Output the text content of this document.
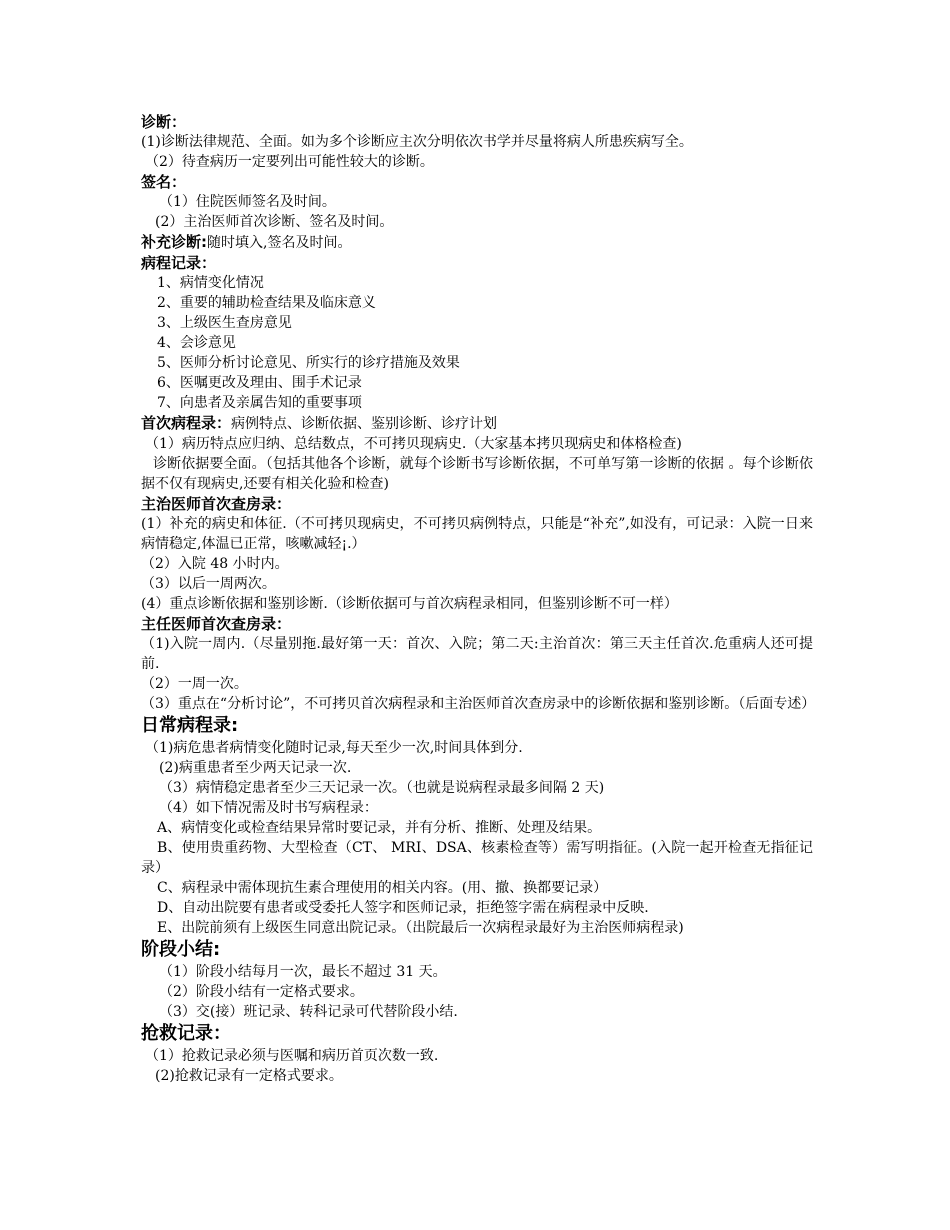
诊断：
(1)诊断法律规范、全面。如为多个诊断应主次分明依次书学并尽量将病人所患疾病写全。
（2）待查病历一定要列出可能性较大的诊断。
签名：
（1）住院医师签名及时间。
(2）主治医师首次诊断、签名及时间。
补充诊断:随时填入,签名及时间。
病程记录：
1、病情变化情况
2、重要的辅助检查结果及临床意义
3、上级医生查房意见
4、会诊意见
5、医师分析讨论意见、所实行的诊疗措施及效果
6、医嘱更改及理由、围手术记录
7、向患者及亲属告知的重要事项
首次病程录：病例特点、诊断依据、鉴别诊断、诊疗计划
（1）病历特点应归纳、总结数点，不可拷贝现病史.（大家基本拷贝现病史和体格检查)
诊断依据要全面。（包括其他各个诊断，就每个诊断书写诊断依据，不可单写第一诊断的依据 。每个诊断依据不仅有现病史,还要有相关化验和检查)
主治医师首次查房录：
(1）补充的病史和体征.（不可拷贝现病史，不可拷贝病例特点，只能是“补充”,如没有，可记录：入院一日来病情稳定,体温已正常，咳嗽减轻¡.）
（2）入院 48 小时内。
（3）以后一周两次。
(4）重点诊断依据和鉴别诊断.（诊断依据可与首次病程录相同，但鉴别诊断不可一样）
主任医师首次查房录：
（1)入院一周内.（尽量别拖.最好第一天：首次、入院；第二天:主治首次：第三天主任首次.危重病人还可提前.
（2）一周一次。
（3）重点在“分析讨论”，不可拷贝首次病程录和主治医师首次查房录中的诊断依据和鉴别诊断。（后面专述）
日常病程录:
（1)病危患者病情变化随时记录,每天至少一次,时间具体到分.
(2)病重患者至少两天记录一次.
（3）病情稳定患者至少三天记录一次。（也就是说病程录最多间隔 2 天)
（4）如下情况需及时书写病程录：
A、病情变化或检查结果异常时要记录，并有分析、推断、处理及结果。
B、使用贵重药物、大型检查（CT、 MRI、DSA、核素检查等）需写明指征。(入院一起开检查无指征记录）
C、病程录中需体现抗生素合理使用的相关内容。(用、撤、换都要记录）
D、自动出院要有患者或受委托人签字和医师记录，拒绝签字需在病程录中反映.
E、出院前须有上级医生同意出院记录。（出院最后一次病程录最好为主治医师病程录)
阶段小结:
（1）阶段小结每月一次，最长不超过 31 天。
（2）阶段小结有一定格式要求。
（3）交(接）班记录、转科记录可代替阶段小结.
抢救记录：
（1）抢救记录必须与医嘱和病历首页次数一致.
(2)抢救记录有一定格式要求。
